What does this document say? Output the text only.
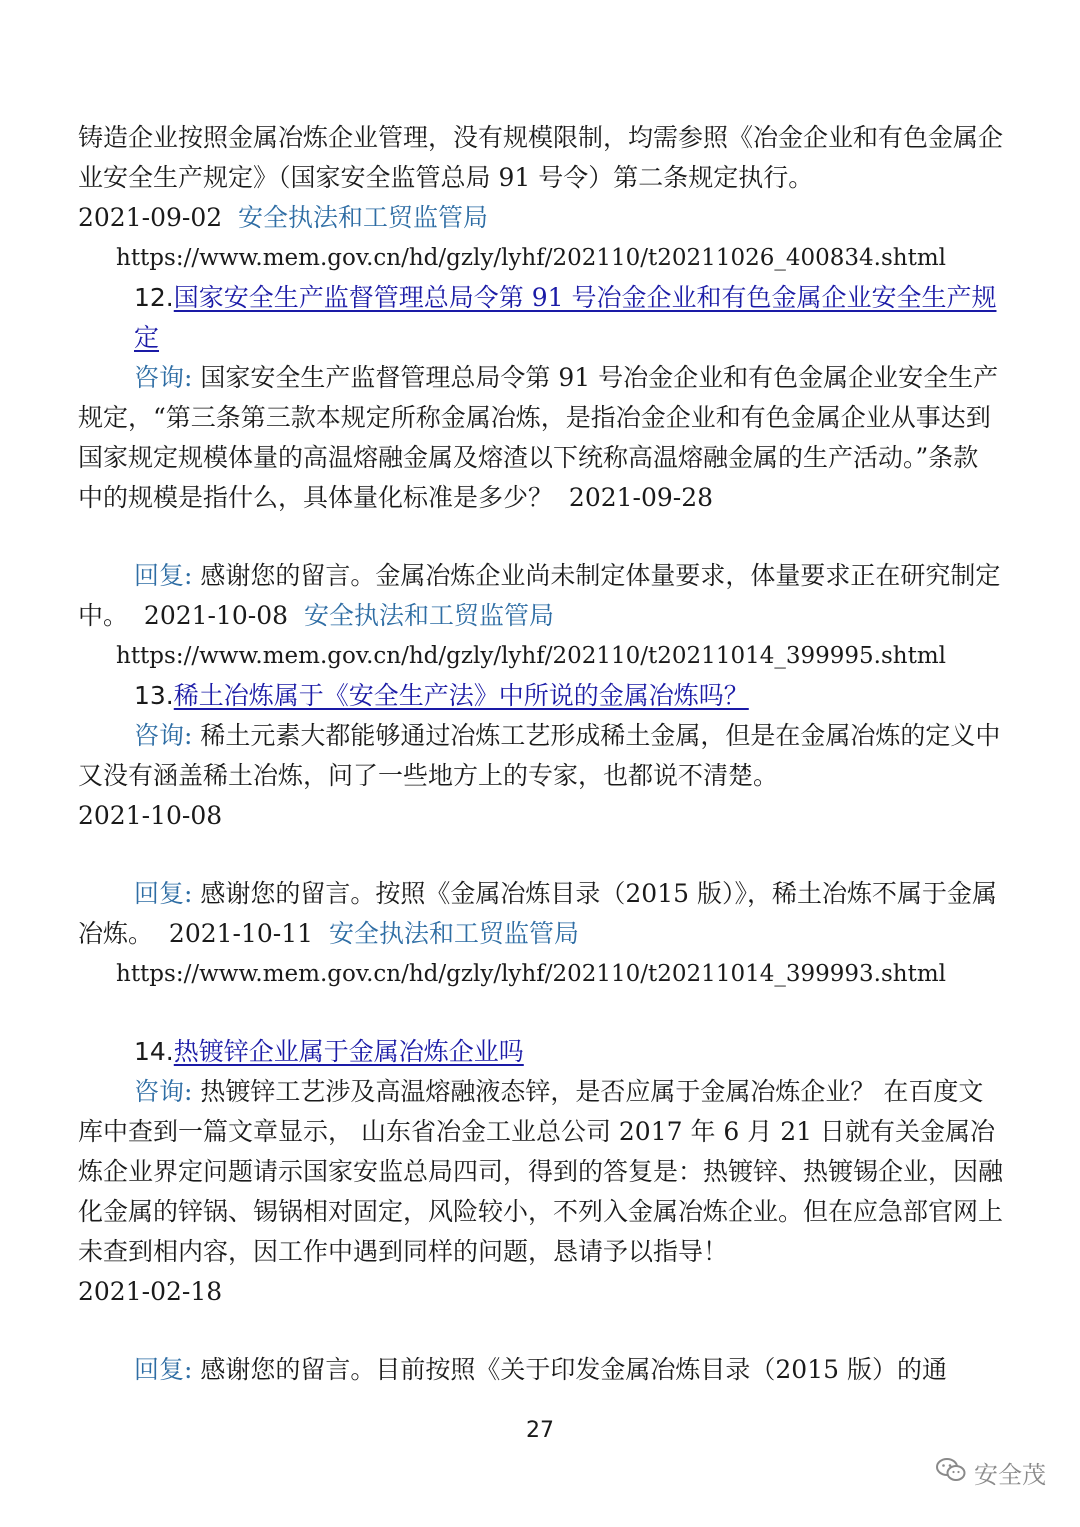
铸造企业按照金属冶炼企业管理，没有规模限制，均需参照《冶金企业和有色金属企业安全生产规定》（国家安全监管总局 91 号令）第二条规定执行。

2021-09-02 安全执法和工贸监管局

https://www.mem.gov.cn/hd/gzly/lyhf/202110/t20211026_400834.shtml

12.国家安全生产监督管理总局令第 91 号冶金企业和有色金属企业安全生产规定

咨询: 国家安全生产监督管理总局令第 91 号冶金企业和有色金属企业安全生产规定，“第三条第三款本规定所称金属冶炼，是指冶金企业和有色金属企业从事达到国家规定规模体量的高温熔融金属及熔渣以下统称高温熔融金属的生产活动。”条款中的规模是指什么，具体量化标准是多少？ 2021-09-28

回复: 感谢您的留言。金属冶炼企业尚未制定体量要求，体量要求正在研究制定中。 2021-10-08 安全执法和工贸监管局

https://www.mem.gov.cn/hd/gzly/lyhf/202110/t20211014_399995.shtml

13.稀土冶炼属于《安全生产法》中所说的金属冶炼吗？

咨询: 稀土元素大都能够通过冶炼工艺形成稀土金属，但是在金属冶炼的定义中又没有涵盖稀土冶炼，问了一些地方上的专家，也都说不清楚。

2021-10-08

回复: 感谢您的留言。按照《金属冶炼目录（2015 版）》，稀土冶炼不属于金属冶炼。 2021-10-11 安全执法和工贸监管局

https://www.mem.gov.cn/hd/gzly/lyhf/202110/t20211014_399993.shtml

14.热镀锌企业属于金属冶炼企业吗

咨询: 热镀锌工艺涉及高温熔融液态锌，是否应属于金属冶炼企业？ 在百度文库中查到一篇文章显示， 山东省冶金工业总公司 2017 年 6 月 21 日就有关金属冶炼企业界定问题请示国家安监总局四司，得到的答复是：热镀锌、热镀锡企业，因融化金属的锌锅、锡锅相对固定，风险较小，不列入金属冶炼企业。但在应急部官网上未查到相内容，因工作中遇到同样的问题，恳请予以指导！

2021-02-18

回复: 感谢您的留言。目前按照《关于印发金属冶炼目录（2015 版）的通

27
安全茂
